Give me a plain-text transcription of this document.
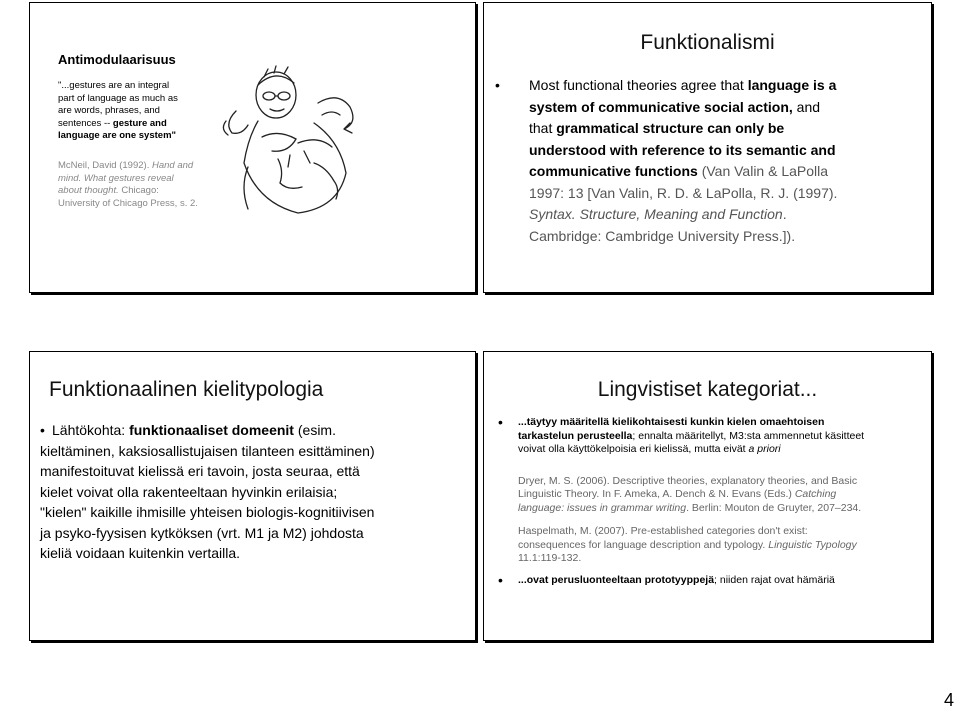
Antimodulaarisuus
"...gestures are an integral part of language as much as are words, phrases, and sentences -- gesture and language are one system"
McNeil, David (1992). Hand and mind. What gestures reveal about thought. Chicago: University of Chicago Press, s. 2.
Funktionalismi
• Most functional theories agree that language is a system of communicative social action, and that grammatical structure can only be understood with reference to its semantic and communicative functions (Van Valin & LaPolla 1997: 13 [Van Valin, R. D. & LaPolla, R. J. (1997). Syntax. Structure, Meaning and Function. Cambridge: Cambridge University Press.]).
Funktionaalinen kielitypologia
• Lähtökohta: funktionaaliset domeenit (esim. kieltäminen, kaksiosallistujaisen tilanteen esittäminen) manifestoituvat kielissä eri tavoin, josta seuraa, että kielet voivat olla rakenteeltaan hyvinkin erilaisia; "kielen" kaikille ihmisille yhteisen biologis-kognitiivisen ja psyko-fyysisen kytköksen (vrt. M1 ja M2) johdosta kieliä voidaan kuitenkin vertailla.
Lingvistiset kategoriat...
• ...täytyy määritellä kielikohtaisesti kunkin kielen omaehtoisen tarkastelun perusteella; ennalta määritellyt, M3:sta ammennetut käsitteet voivat olla käyttökelpoisia eri kielissä, mutta eivät a priori
Dryer, M. S. (2006). Descriptive theories, explanatory theories, and Basic Linguistic Theory. In F. Ameka, A. Dench & N. Evans (Eds.) Catching language: issues in grammar writing. Berlin: Mouton de Gruyter, 207–234.
Haspelmath, M. (2007). Pre-established categories don't exist: consequences for language description and typology. Linguistic Typology 11.1:119-132.
• ...ovat perusluonteeltaan prototyyppejä; niiden rajat ovat hämäriä
4
